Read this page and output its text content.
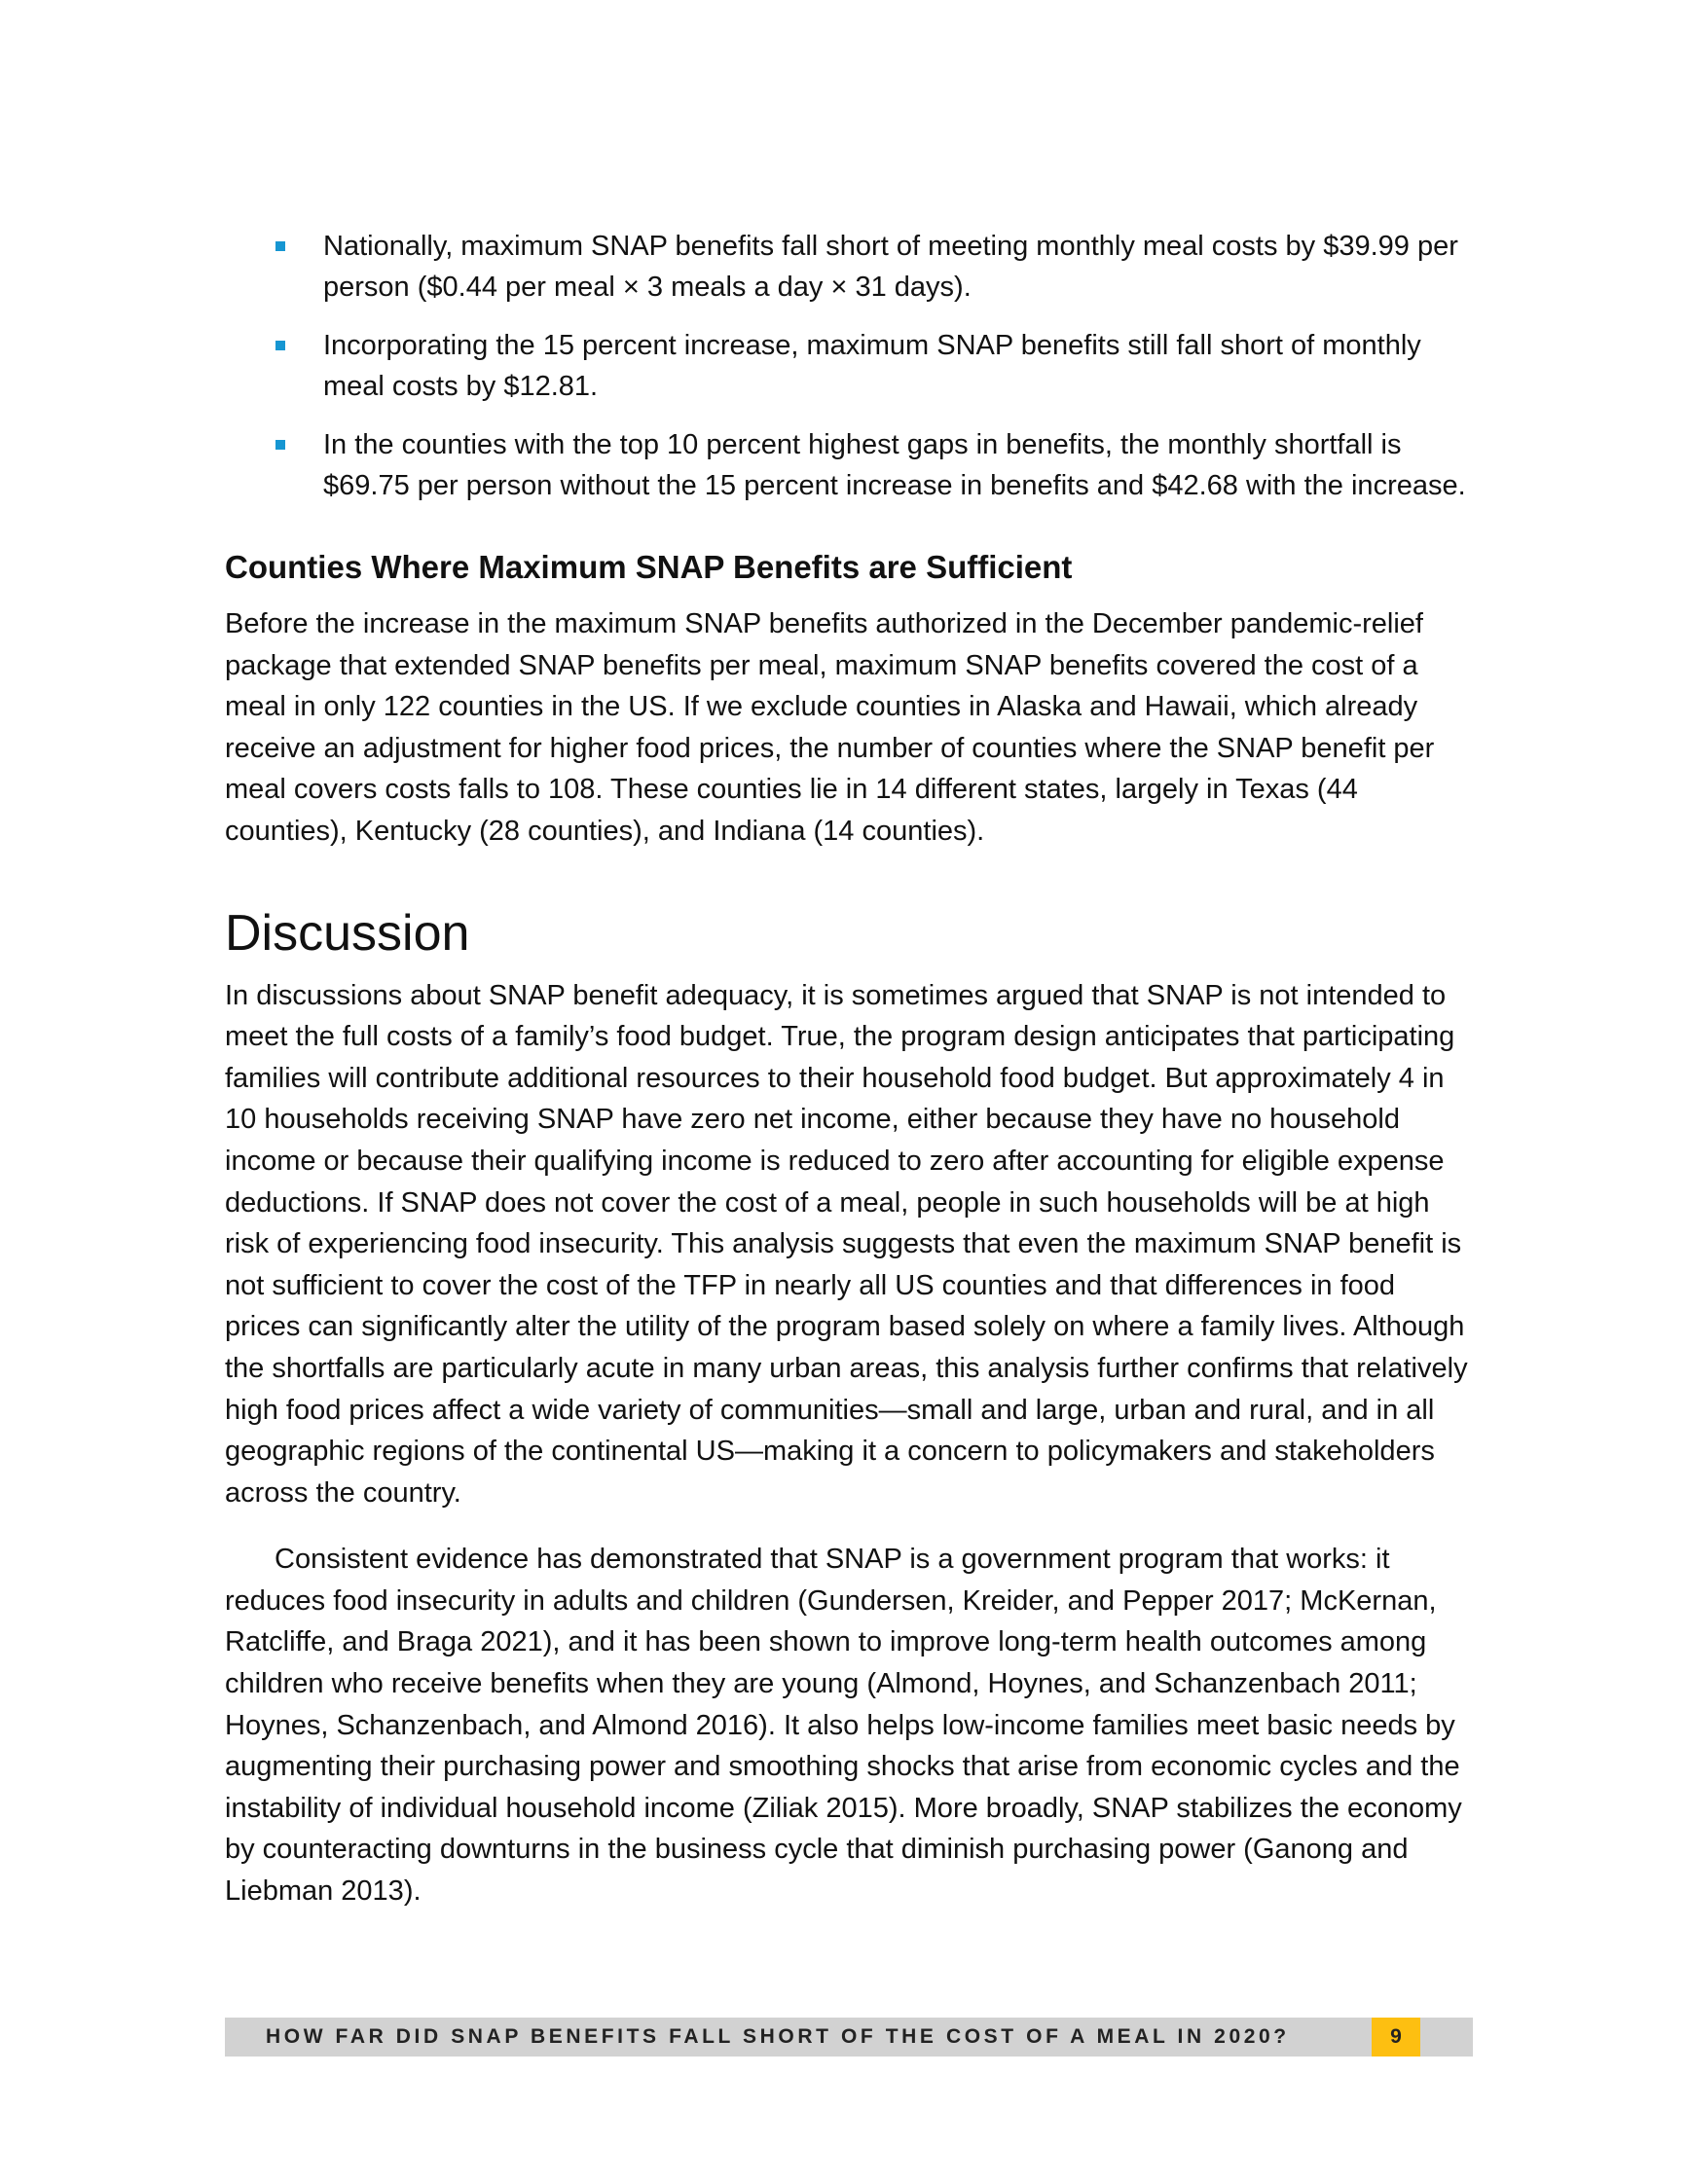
Nationally, maximum SNAP benefits fall short of meeting monthly meal costs by $39.99 per person ($0.44 per meal × 3 meals a day × 31 days).
Incorporating the 15 percent increase, maximum SNAP benefits still fall short of monthly meal costs by $12.81.
In the counties with the top 10 percent highest gaps in benefits, the monthly shortfall is $69.75 per person without the 15 percent increase in benefits and $42.68 with the increase.
Counties Where Maximum SNAP Benefits are Sufficient

Before the increase in the maximum SNAP benefits authorized in the December pandemic-relief package that extended SNAP benefits per meal, maximum SNAP benefits covered the cost of a meal in only 122 counties in the US. If we exclude counties in Alaska and Hawaii, which already receive an adjustment for higher food prices, the number of counties where the SNAP benefit per meal covers costs falls to 108. These counties lie in 14 different states, largely in Texas (44 counties), Kentucky (28 counties), and Indiana (14 counties).

Discussion

In discussions about SNAP benefit adequacy, it is sometimes argued that SNAP is not intended to meet the full costs of a family’s food budget. True, the program design anticipates that participating families will contribute additional resources to their household food budget. But approximately 4 in 10 households receiving SNAP have zero net income, either because they have no household income or because their qualifying income is reduced to zero after accounting for eligible expense deductions. If SNAP does not cover the cost of a meal, people in such households will be at high risk of experiencing food insecurity. This analysis suggests that even the maximum SNAP benefit is not sufficient to cover the cost of the TFP in nearly all US counties and that differences in food prices can significantly alter the utility of the program based solely on where a family lives. Although the shortfalls are particularly acute in many urban areas, this analysis further confirms that relatively high food prices affect a wide variety of communities—small and large, urban and rural, and in all geographic regions of the continental US—making it a concern to policymakers and stakeholders across the country.

Consistent evidence has demonstrated that SNAP is a government program that works: it reduces food insecurity in adults and children (Gundersen, Kreider, and Pepper 2017; McKernan, Ratcliffe, and Braga 2021), and it has been shown to improve long-term health outcomes among children who receive benefits when they are young (Almond, Hoynes, and Schanzenbach 2011; Hoynes, Schanzenbach, and Almond 2016). It also helps low-income families meet basic needs by augmenting their purchasing power and smoothing shocks that arise from economic cycles and the instability of individual household income (Ziliak 2015). More broadly, SNAP stabilizes the economy by counteracting downturns in the business cycle that diminish purchasing power (Ganong and Liebman 2013).

HOW FAR DID SNAP BENEFITS FALL SHORT OF THE COST OF A MEAL IN 2020?	9
